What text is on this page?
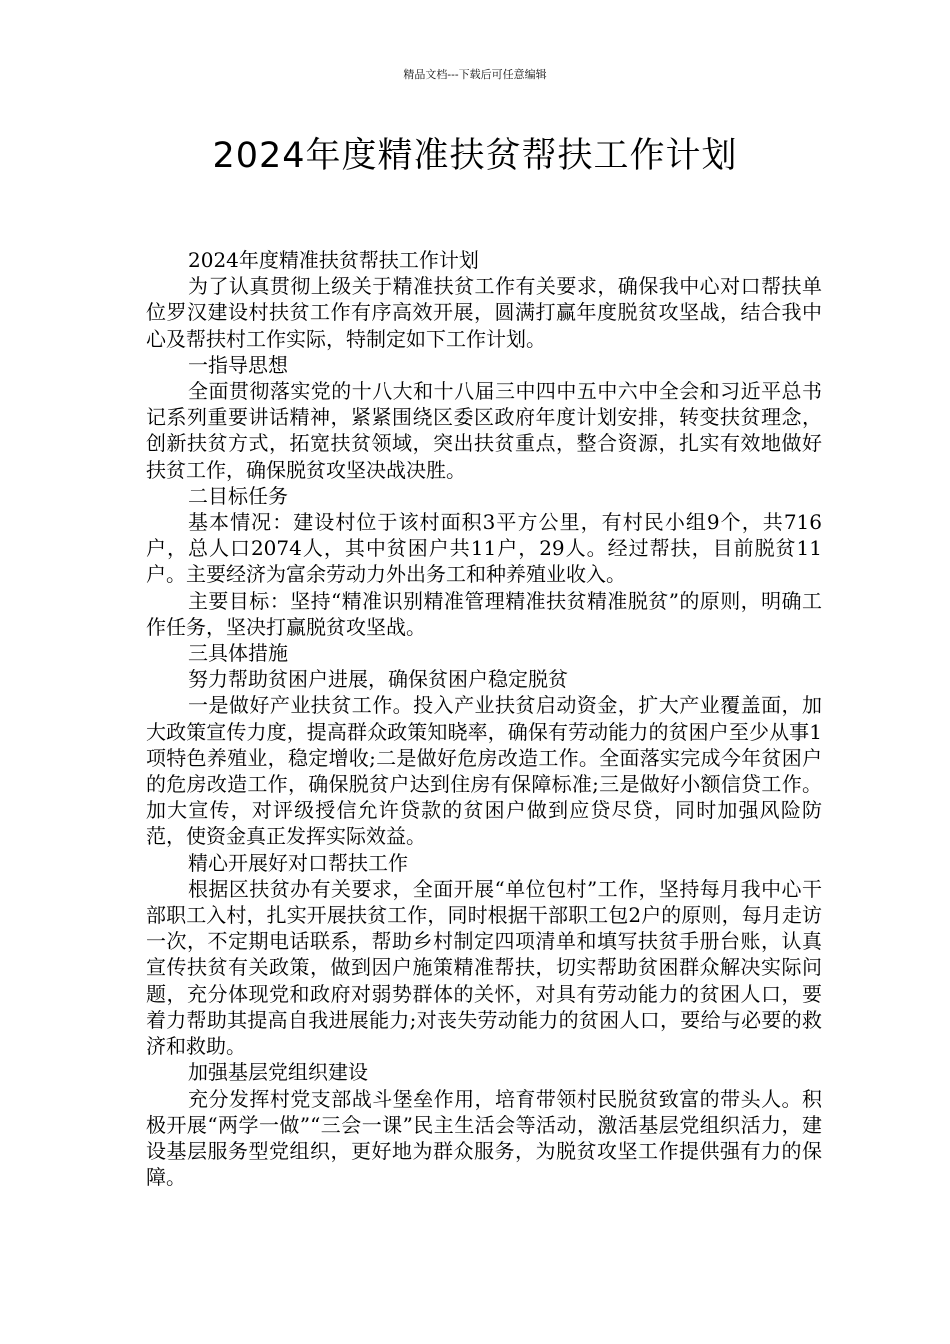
精品文档---下载后可任意编辑
2024年度精准扶贫帮扶工作计划

2024年度精准扶贫帮扶工作计划

为了认真贯彻上级关于精准扶贫工作有关要求，确保我中心对口帮扶单位罗汉建设村扶贫工作有序高效开展，圆满打赢年度脱贫攻坚战，结合我中心及帮扶村工作实际，特制定如下工作计划。

一指导思想

全面贯彻落实党的十八大和十八届三中四中五中六中全会和习近平总书记系列重要讲话精神，紧紧围绕区委区政府年度计划安排，转变扶贫理念，创新扶贫方式，拓宽扶贫领域，突出扶贫重点，整合资源，扎实有效地做好扶贫工作，确保脱贫攻坚决战决胜。

二目标任务

基本情况：建设村位于该村面积3平方公里，有村民小组9个，共716户，总人口2074人，其中贫困户共11户，29人。经过帮扶，目前脱贫11户。主要经济为富余劳动力外出务工和种养殖业收入。

主要目标：坚持“精准识别精准管理精准扶贫精准脱贫”的原则，明确工作任务，坚决打赢脱贫攻坚战。

三具体措施

努力帮助贫困户进展，确保贫困户稳定脱贫

一是做好产业扶贫工作。投入产业扶贫启动资金，扩大产业覆盖面，加大政策宣传力度，提高群众政策知晓率，确保有劳动能力的贫困户至少从事1项特色养殖业，稳定增收;二是做好危房改造工作。全面落实完成今年贫困户的危房改造工作，确保脱贫户达到住房有保障标准;三是做好小额信贷工作。加大宣传，对评级授信允许贷款的贫困户做到应贷尽贷，同时加强风险防范，使资金真正发挥实际效益。

精心开展好对口帮扶工作

根据区扶贫办有关要求，全面开展“单位包村”工作，坚持每月我中心干部职工入村，扎实开展扶贫工作，同时根据干部职工包2户的原则，每月走访一次，不定期电话联系，帮助乡村制定四项清单和填写扶贫手册台账，认真宣传扶贫有关政策，做到因户施策精准帮扶，切实帮助贫困群众解决实际问题，充分体现党和政府对弱势群体的关怀，对具有劳动能力的贫困人口，要着力帮助其提高自我进展能力;对丧失劳动能力的贫困人口，要给与必要的救济和救助。

加强基层党组织建设

充分发挥村党支部战斗堡垒作用，培育带领村民脱贫致富的带头人。积极开展“两学一做”“三会一课”民主生活会等活动，激活基层党组织活力，建设基层服务型党组织，更好地为群众服务，为脱贫攻坚工作提供强有力的保障。
